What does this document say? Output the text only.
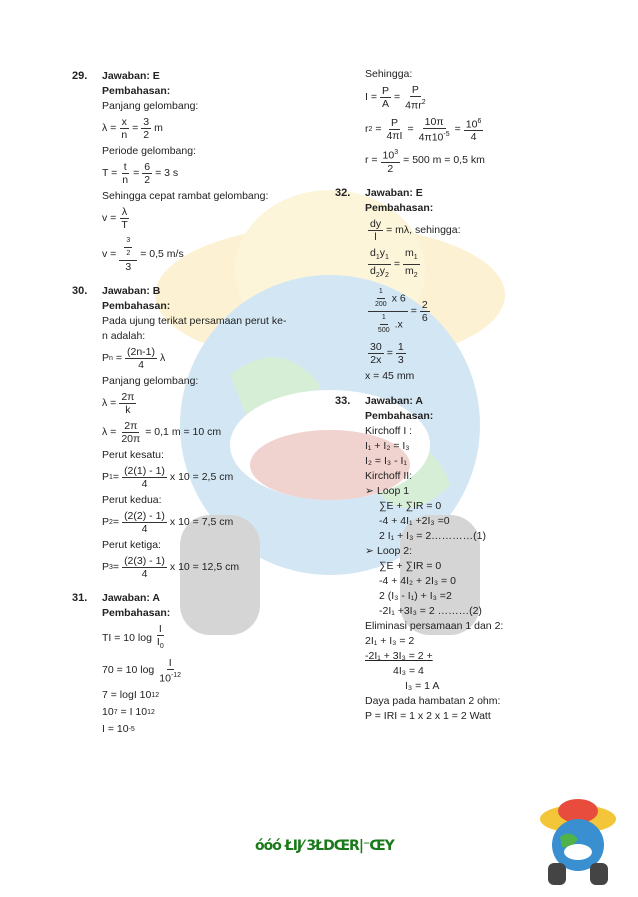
29. Jawaban: E
Pembahasan:
Panjang gelombang:
$\lambda = \frac{x}{n} = \frac{3}{2}$ m
Periode gelombang:
$T = \frac{t}{n} = \frac{6}{2} = 3$ s
Sehingga cepat rambat gelombang:
$v = \frac{\lambda}{T}$
$v = \frac{\frac{3}{2}}{3} = 0,5$ m/s
30. Jawaban: B
Pembahasan:
Pada ujung terikat persamaan perut ke-
n adalah:
P n
= $\frac{(2n-1)}{4}$ λ
Panjang gelombang:
$\lambda = \frac{2\pi}{k}$
$\lambda = \frac{2\pi}{20\pi} = 0,1$ m = 10 cm
Perut kesatu:
P $1 = \frac{(2(1) - 1)}{4}$ x 10 = 2,5 cm
Perut kedua:
P $2 = \frac{(2(2) - 1)}{4}$ x 10 = 7,5 cm
Perut ketiga:
P $3 = \frac{(2(3) - 1)}{4}$ x 10 = 12,5 cm
31. Jawaban: A
Pembahasan:
TI = 10 log
I
$I_0$
70 = 10 log
I
$10^{-12}$
7 = logI 10 12
10 7
= I 10 12
I = 10 -5
Sehingga:
$I = \frac{P}{A} = \frac{P}{4\pi r^2}$
r 2
= $\frac{P}{4\pi I} = \frac{10\pi}{4\pi 10^{-5}} = \frac{10^6}{4}$
$r = \frac{10^3}{2} = 500$ m = 0,5 km
32. Jawaban: E
Pembahasan:
$\frac{dy}{l} = m\lambda$, sehingga:
$\frac{d_1y_1}{d_2y_2} = \frac{m_1}{m_2}$
$\frac{\frac{1}{200} x 6}{\frac{1}{500} .x} = \frac{2}{6}$
$\frac{30}{2x} = \frac{1}{3}$
x = 45 mm
33. Jawaban: A
Pembahasan:
Kirchoff I :
I₁ + I₂ = I₃
I₂ = I₃ - I₁
Kirchoff II:
➢ Loop 1
∑E + ∑IR = 0
-4 + 4I₁ +2I₃ =0
2 I₁ + I₃ = 2…………(1)
➢ Loop 2:
∑E + ∑IR = 0
-4 + 4I₂ + 2I₃ = 0
2 (I₃ - I₁) + I₃ =2
-2I₁ +3I₃ = 2 ………(2)
Eliminasi persamaan 1 dan 2:
2I₁ + I₃ = 2
-2I₁ + 3I₃ = 2 +
4I₃ = 4
I₃ = 1 A
Daya pada hambatan 2 ohm:
P = IRI = 1 x 2 x 1 = 2 Watt
óóó ŁIJ⁄ 3ŁDŒR|⁻ŒY
